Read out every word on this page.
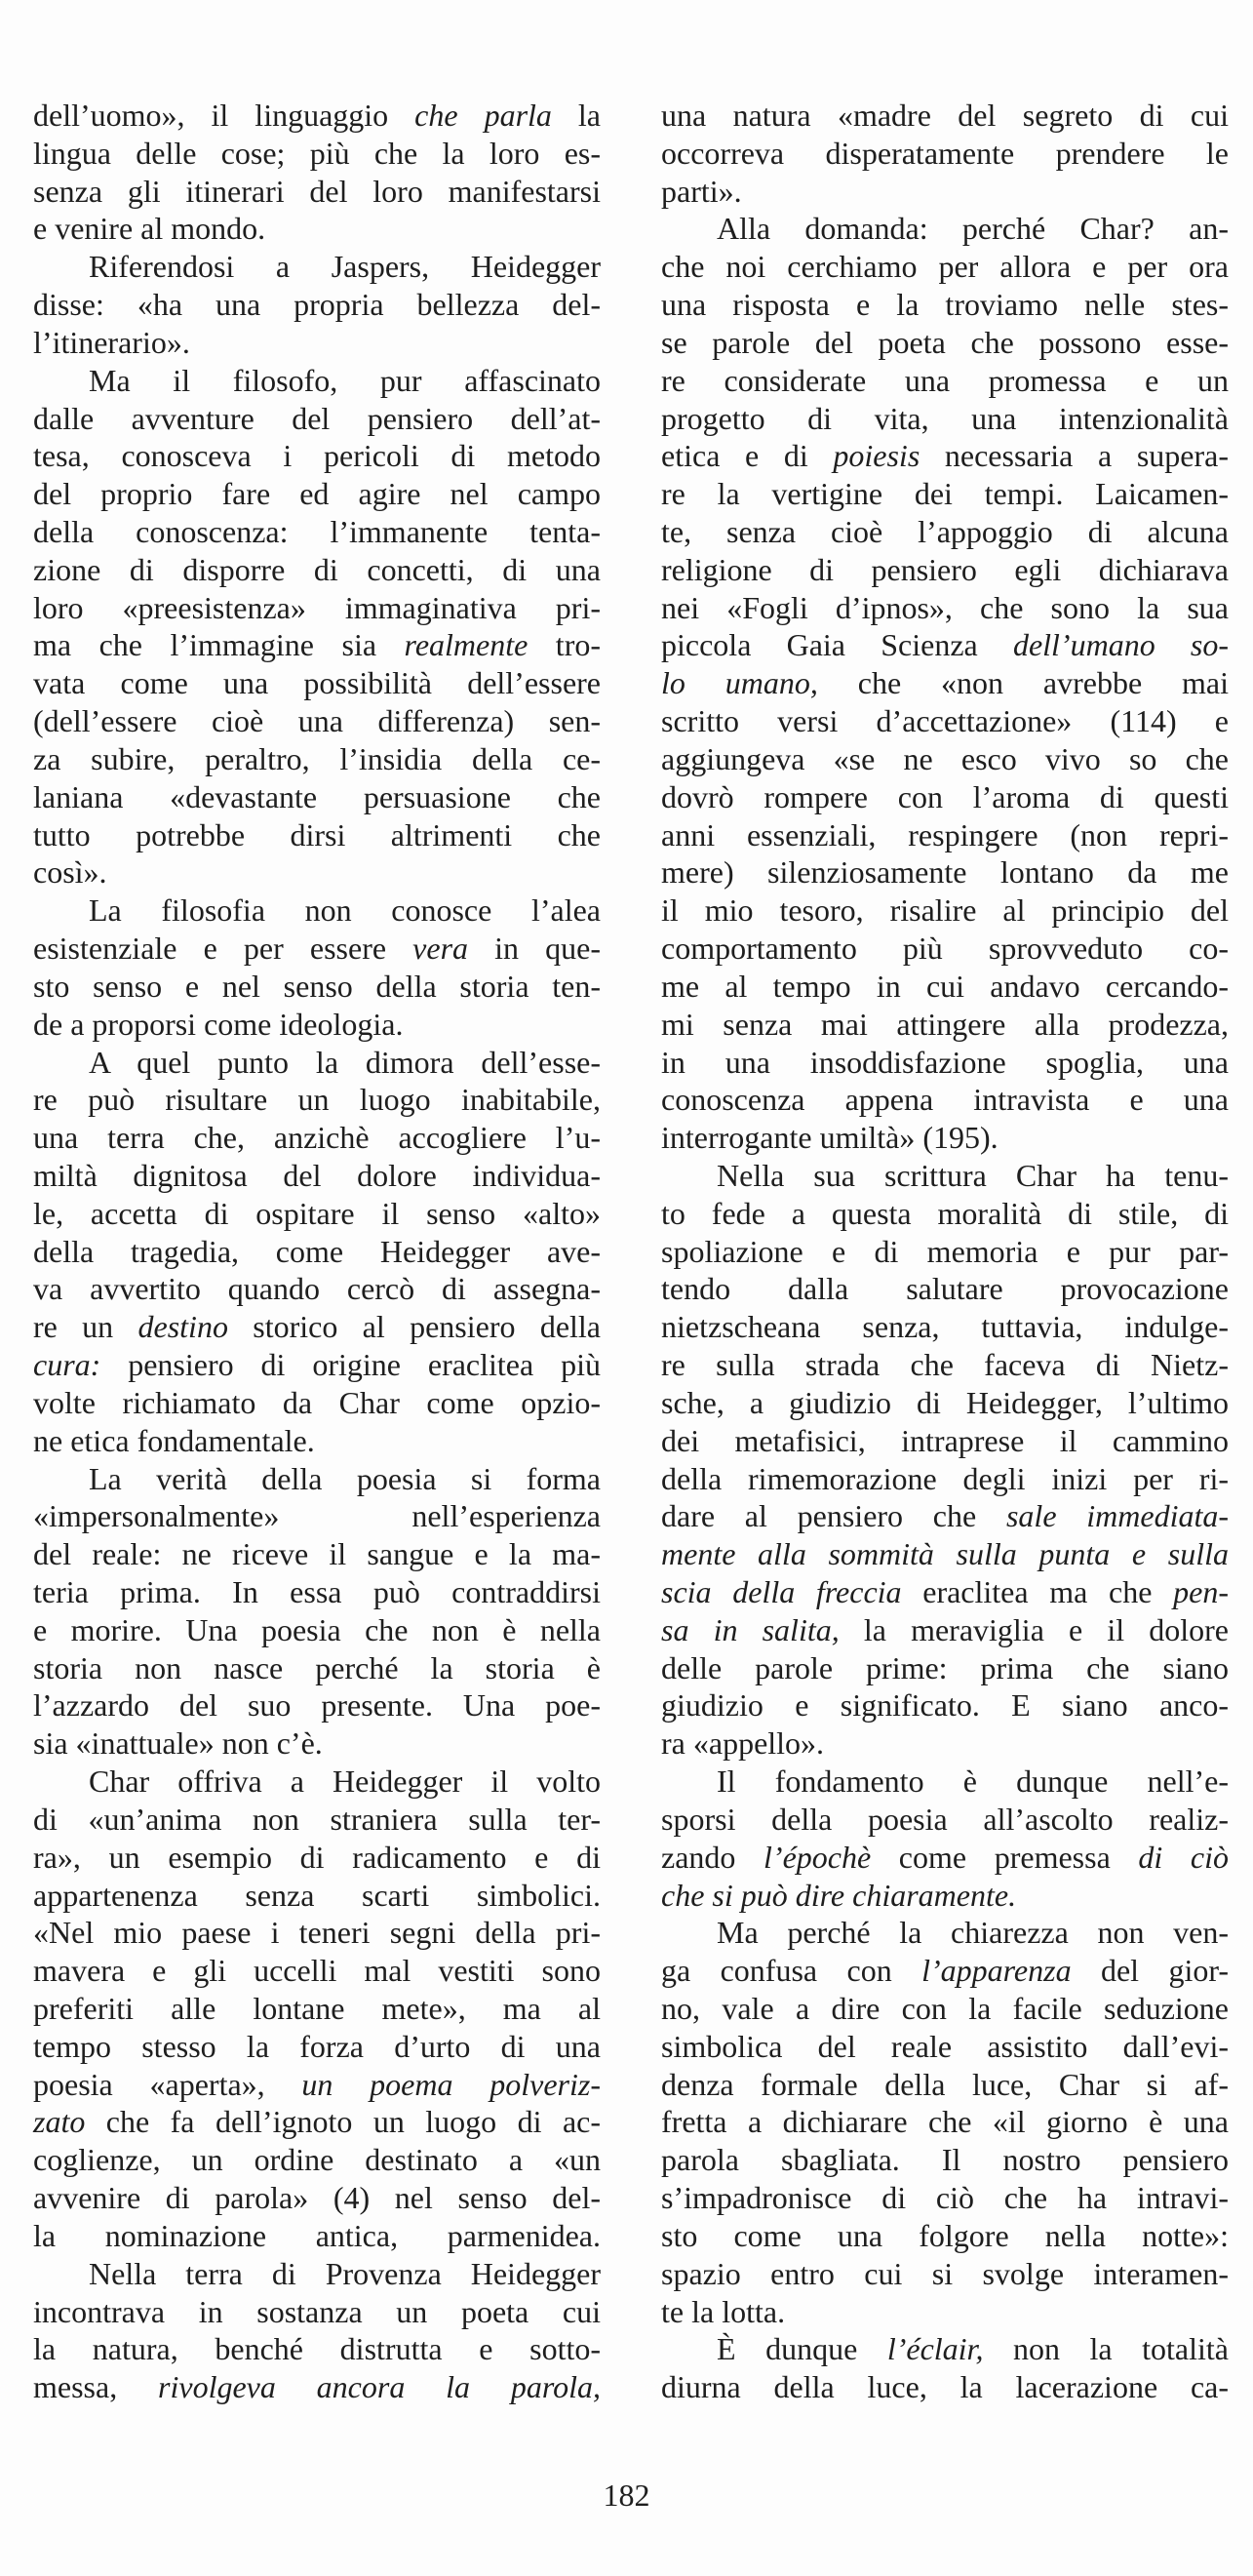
dell’uomo», il linguaggio che parla la
lingua delle cose; più che la loro es-
senza gli itinerari del loro manifestarsi
e venire al mondo.
Riferendosi a Jaspers, Heidegger
disse: «ha una propria bellezza del-
l’itinerario».
Ma il filosofo, pur affascinato
dalle avventure del pensiero dell’at-
tesa, conosceva i pericoli di metodo
del proprio fare ed agire nel campo
della conoscenza: l’immanente tenta-
zione di disporre di concetti, di una
loro «preesistenza» immaginativa pri-
ma che l’immagine sia realmente tro-
vata come una possibilità dell’essere
(dell’essere cioè una differenza) sen-
za subire, peraltro, l’insidia della ce-
laniana «devastante persuasione che
tutto potrebbe dirsi altrimenti che
così».
La filosofia non conosce l’alea
esistenziale e per essere vera in que-
sto senso e nel senso della storia ten-
de a proporsi come ideologia.
A quel punto la dimora dell’esse-
re può risultare un luogo inabitabile,
una terra che, anzichè accogliere l’u-
miltà dignitosa del dolore individua-
le, accetta di ospitare il senso «alto»
della tragedia, come Heidegger ave-
va avvertito quando cercò di assegna-
re un destino storico al pensiero della
cura: pensiero di origine eraclitea più
volte richiamato da Char come opzio-
ne etica fondamentale.
La verità della poesia si forma
«impersonalmente» nell’esperienza
del reale: ne riceve il sangue e la ma-
teria prima. In essa può contraddirsi
e morire. Una poesia che non è nella
storia non nasce perché la storia è
l’azzardo del suo presente. Una poe-
sia «inattuale» non c’è.
Char offriva a Heidegger il volto
di «un’anima non straniera sulla ter-
ra», un esempio di radicamento e di
appartenenza senza scarti simbolici.
«Nel mio paese i teneri segni della pri-
mavera e gli uccelli mal vestiti sono
preferiti alle lontane mete», ma al
tempo stesso la forza d’urto di una
poesia «aperta», un poema polveriz-
zato che fa dell’ignoto un luogo di ac-
coglienze, un ordine destinato a «un
avvenire di parola» (4) nel senso del-
la nominazione antica, parmenidea.
Nella terra di Provenza Heidegger
incontrava in sostanza un poeta cui
la natura, benché distrutta e sotto-
messa, rivolgeva ancora la parola,
una natura «madre del segreto di cui
occorreva disperatamente prendere le
parti».
Alla domanda: perché Char? an-
che noi cerchiamo per allora e per ora
una risposta e la troviamo nelle stes-
se parole del poeta che possono esse-
re considerate una promessa e un
progetto di vita, una intenzionalità
etica e di poiesis necessaria a supera-
re la vertigine dei tempi. Laicamen-
te, senza cioè l’appoggio di alcuna
religione di pensiero egli dichiarava
nei «Fogli d’ipnos», che sono la sua
piccola Gaia Scienza dell’umano so-
lo umano, che «non avrebbe mai
scritto versi d’accettazione» (114) e
aggiungeva «se ne esco vivo so che
dovrò rompere con l’aroma di questi
anni essenziali, respingere (non repri-
mere) silenziosamente lontano da me
il mio tesoro, risalire al principio del
comportamento più sprovveduto co-
me al tempo in cui andavo cercando-
mi senza mai attingere alla prodezza,
in una insoddisfazione spoglia, una
conoscenza appena intravista e una
interrogante umiltà» (195).
Nella sua scrittura Char ha tenu-
to fede a questa moralità di stile, di
spoliazione e di memoria e pur par-
tendo dalla salutare provocazione
nietzscheana senza, tuttavia, indulge-
re sulla strada che faceva di Nietz-
sche, a giudizio di Heidegger, l’ultimo
dei metafisici, intraprese il cammino
della rimemorazione degli inizi per ri-
dare al pensiero che sale immediata-
mente alla sommità sulla punta e sulla
scia della freccia eraclitea ma che pen-
sa in salita, la meraviglia e il dolore
delle parole prime: prima che siano
giudizio e significato. E siano anco-
ra «appello».
Il fondamento è dunque nell’e-
sporsi della poesia all’ascolto realiz-
zando l’épochè come premessa di ciò
che si può dire chiaramente.
Ma perché la chiarezza non ven-
ga confusa con l’apparenza del gior-
no, vale a dire con la facile seduzione
simbolica del reale assistito dall’evi-
denza formale della luce, Char si af-
fretta a dichiarare che «il giorno è una
parola sbagliata. Il nostro pensiero
s’impadronisce di ciò che ha intravi-
sto come una folgore nella notte»:
spazio entro cui si svolge interamen-
te la lotta.
È dunque l’éclair, non la totalità
diurna della luce, la lacerazione ca-
182
